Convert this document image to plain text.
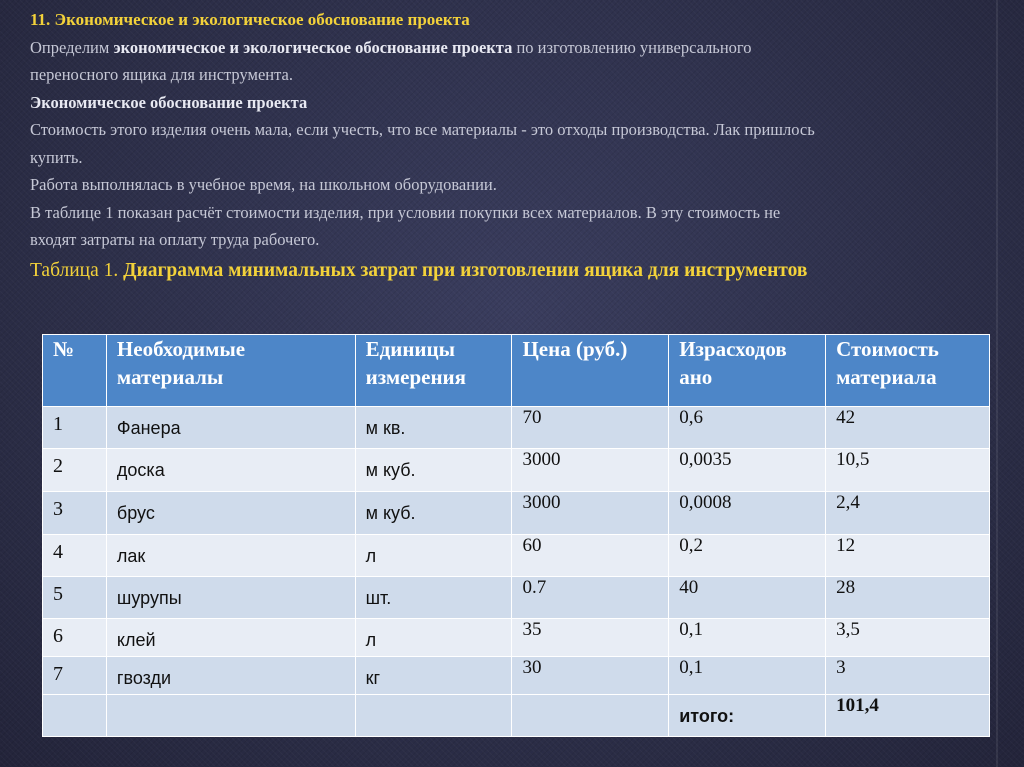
11. Экономическое и экологическое обоснование проекта
Определим экономическое и экологическое обоснование проекта по изготовлению универсального
переносного ящика для инструмента.
Экономическое обоснование проекта
Стоимость этого изделия очень мала, если учесть, что все материалы - это отходы производства. Лак пришлось
купить.
Работа выполнялась в учебное время, на школьном оборудовании.
В таблице 1 показан расчёт стоимости изделия, при условии покупки всех материалов. В эту стоимость не
входят затраты на оплату труда рабочего.
Таблица 1. Диаграмма минимальных затрат при изготовлении ящика для инструментов
№	Необходимые материалы	Единицы измерения	Цена (руб.)	Израсходов ано	Стоимость материала
1	Фанера	м кв.	70	0,6	42
2	доска	м куб.	3000	0,0035	10,5
3	брус	м куб.	3000	0,0008	2,4
4	лак	л	60	0,2	12
5	шурупы	шт.	0.7	40	28
6	клей	л	35	0,1	3,5
7	гвозди	кг	30	0,1	3
				итого:	101,4
